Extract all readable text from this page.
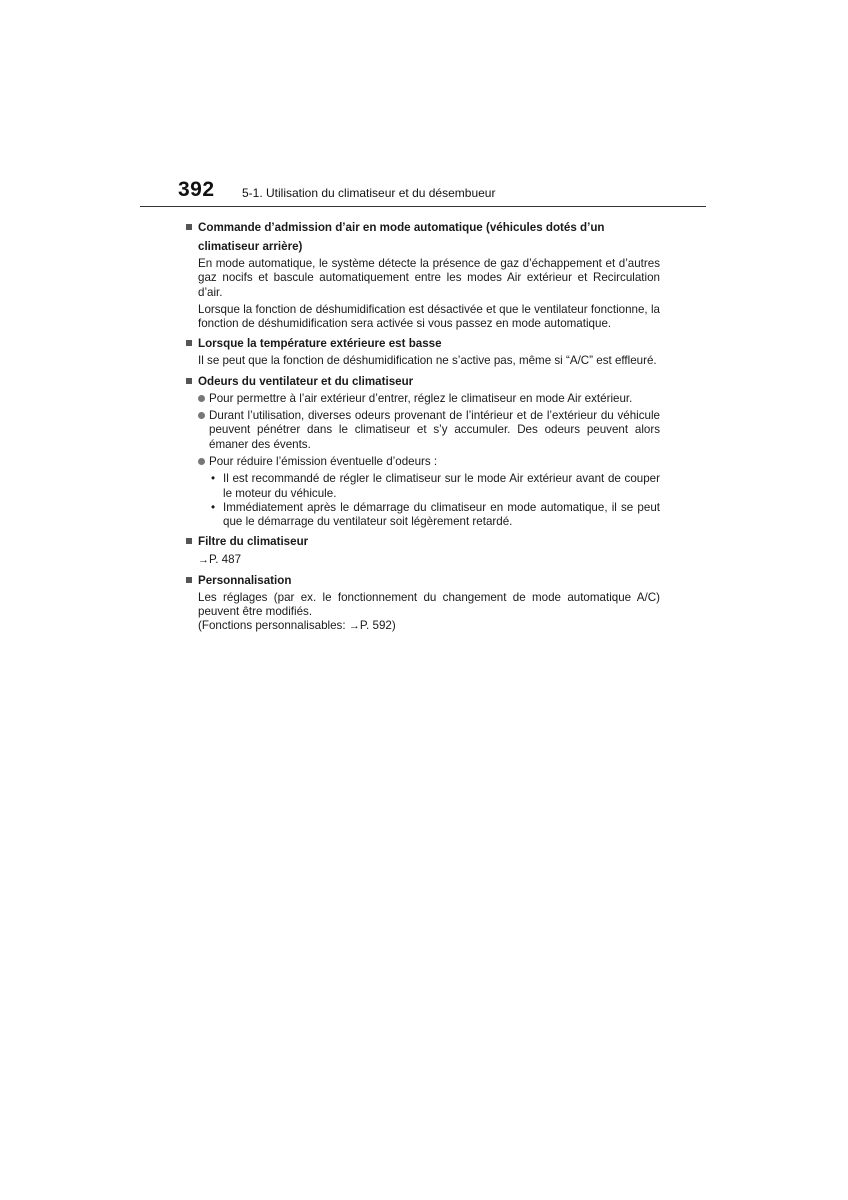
392 5-1. Utilisation du climatiseur et du désembueur
Commande d’admission d’air en mode automatique (véhicules dotés d’un climatiseur arrière)

En mode automatique, le système détecte la présence de gaz d’échappement et d’autres gaz nocifs et bascule automatiquement entre les modes Air extérieur et Recirculation d’air.

Lorsque la fonction de déshumidification est désactivée et que le ventilateur fonctionne, la fonction de déshumidification sera activée si vous passez en mode automatique.

Lorsque la température extérieure est basse

Il se peut que la fonction de déshumidification ne s’active pas, même si “A/C” est effleuré.

Odeurs du ventilateur et du climatiseur
Pour permettre à l’air extérieur d’entrer, réglez le climatiseur en mode Air extérieur.
Durant l’utilisation, diverses odeurs provenant de l’intérieur et de l’extérieur du véhicule peuvent pénétrer dans le climatiseur et s’y accumuler. Des odeurs peuvent alors émaner des évents.
Pour réduire l’émission éventuelle d’odeurs :
• Il est recommandé de régler le climatiseur sur le mode Air extérieur avant de couper le moteur du véhicule.
• Immédiatement après le démarrage du climatiseur en mode automatique, il se peut que le démarrage du ventilateur soit légèrement retardé.
Filtre du climatiseur
→P. 487
Personnalisation

Les réglages (par ex. le fonctionnement du changement de mode automatique A/C) peuvent être modifiés.

(Fonctions personnalisables: →P. 592)
